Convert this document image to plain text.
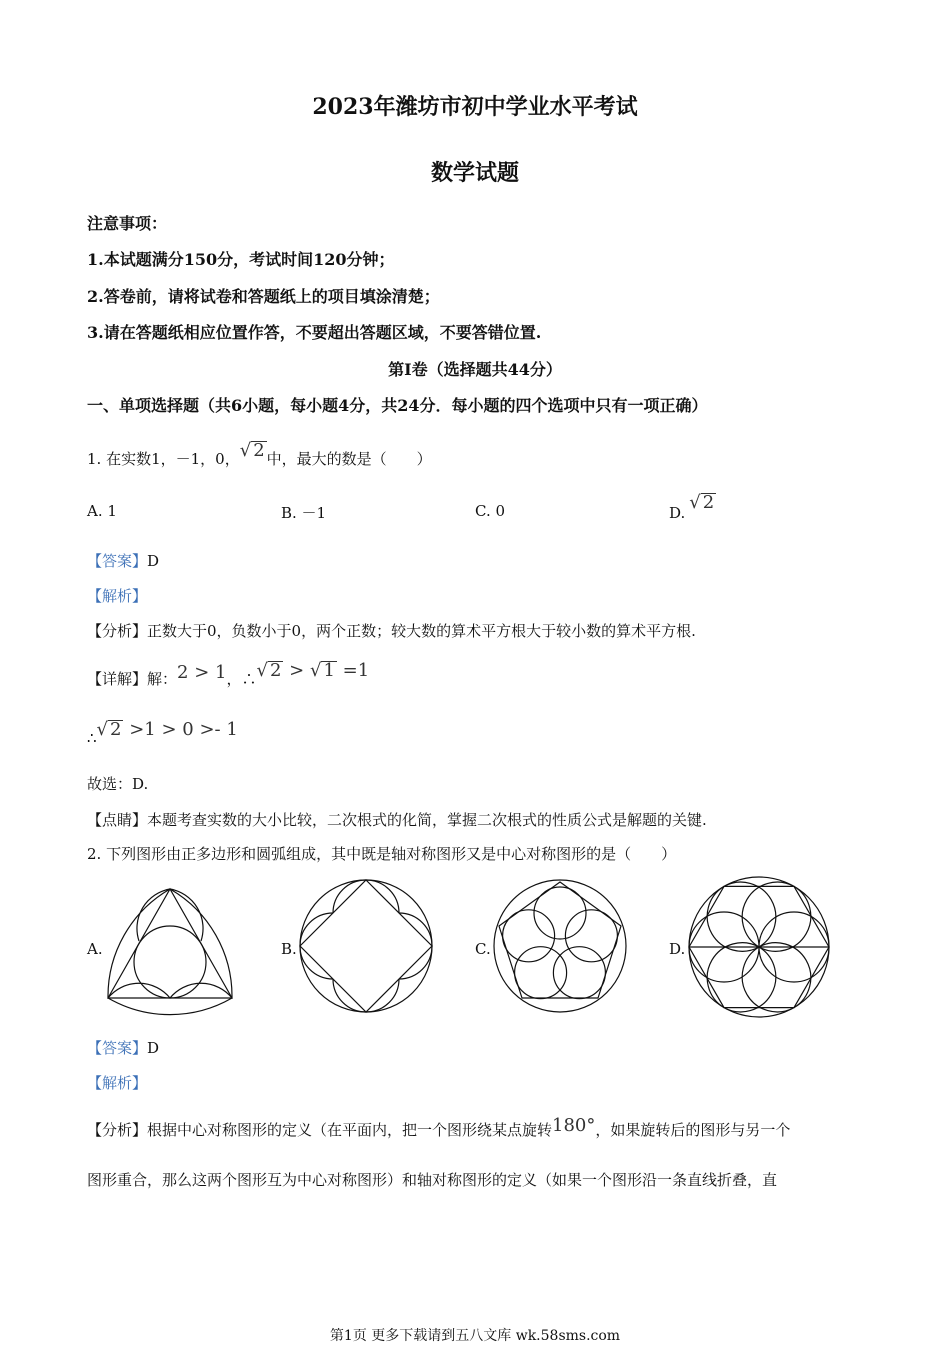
2023年潍坊市初中学业水平考试
数学试题
注意事项：
1.本试题满分150分，考试时间120分钟；
2.答卷前，请将试卷和答题纸上的项目填涂清楚；
3.请在答题纸相应位置作答，不要超出答题区域，不要答错位置.
第Ⅰ卷（选择题共44分）
一、单项选择题（共6小题，每小题4分，共24分．每小题的四个选项中只有一项正确）
1. 在实数1，－1，0，√ 2 中，最大的数是（　　）
A. 1	B. －1	C. 0	D. √ 2
【答案】D
【解析】
【分析】正数大于0，负数小于0，两个正数；较大数的算术平方根大于较小数的算术平方根.
【详解】解：2 > 1，∴√ 2 > √ 1 =1
∴√ 2 >1 > 0 >- 1
故选：D.
【点睛】本题考查实数的大小比较，二次根式的化简，掌握二次根式的性质公式是解题的关键.
2. 下列图形由正多边形和圆弧组成，其中既是轴对称图形又是中心对称图形的是（　　）
A.	B.	C.	D.
【答案】D
【解析】
【分析】根据中心对称图形的定义（在平面内，把一个图形绕某点旋转180°，如果旋转后的图形与另一个
图形重合，那么这两个图形互为中心对称图形）和轴对称图形的定义（如果一个图形沿一条直线折叠，直
第1页 更多下载请到五八文库 wk.58sms.com
